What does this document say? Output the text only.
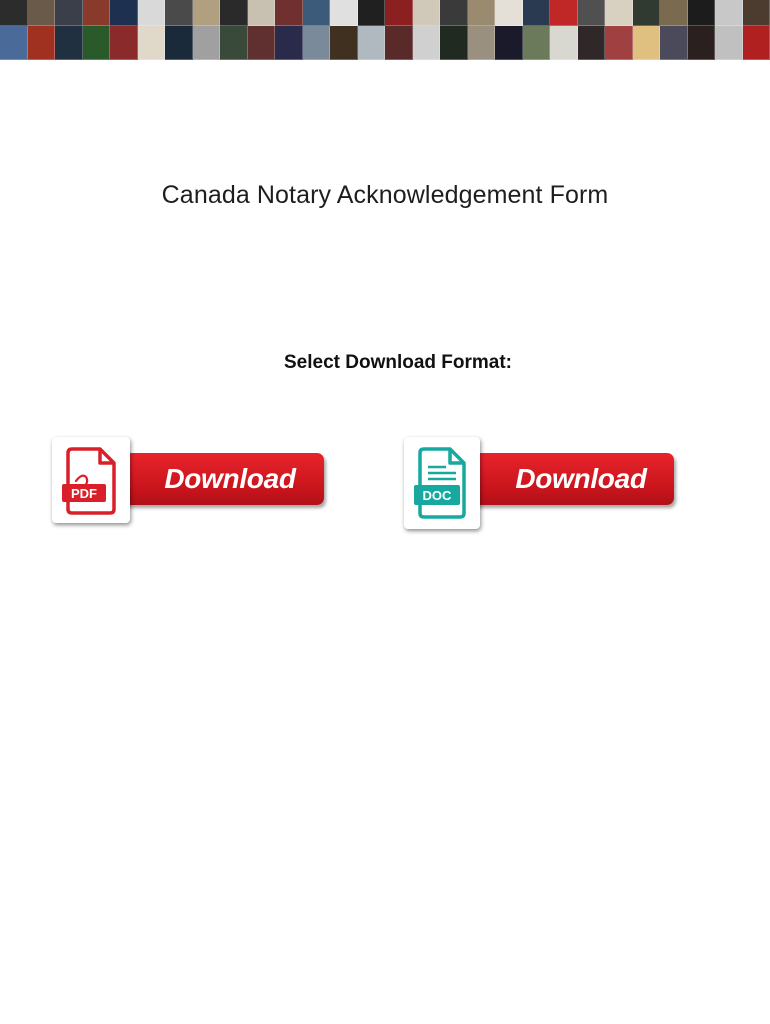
Canada Notary Acknowledgement Form
Select Download Format:
Download
PDF	Download
DOC
